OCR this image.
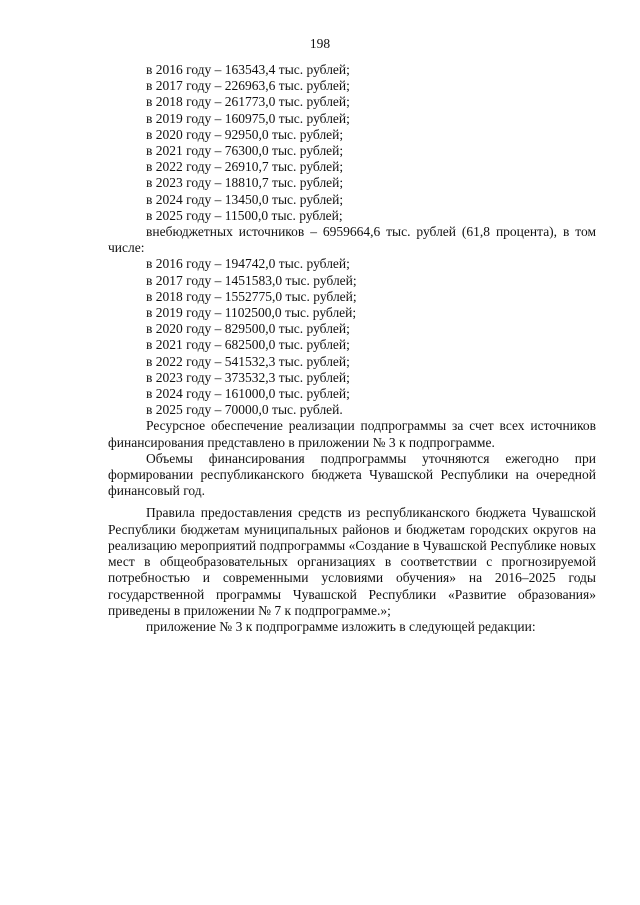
198
в 2016 году – 163543,4 тыс. рублей;
в 2017 году – 226963,6 тыс. рублей;
в 2018 году – 261773,0 тыс. рублей;
в 2019 году – 160975,0 тыс. рублей;
в 2020 году – 92950,0 тыс. рублей;
в 2021 году – 76300,0 тыс. рублей;
в 2022 году – 26910,7 тыс. рублей;
в 2023 году – 18810,7 тыс. рублей;
в 2024 году – 13450,0 тыс. рублей;
в 2025 году – 11500,0 тыс. рублей;

внебюджетных источников – 6959664,6 тыс. рублей (61,8 процента), в том числе:

в 2016 году – 194742,0 тыс. рублей;
в 2017 году – 1451583,0 тыс. рублей;
в 2018 году – 1552775,0 тыс. рублей;
в 2019 году – 1102500,0 тыс. рублей;
в 2020 году – 829500,0 тыс. рублей;
в 2021 году – 682500,0 тыс. рублей;
в 2022 году – 541532,3 тыс. рублей;
в 2023 году – 373532,3 тыс. рублей;
в 2024 году – 161000,0 тыс. рублей;
в 2025 году – 70000,0 тыс. рублей.

Ресурсное обеспечение реализации подпрограммы за счет всех источников финансирования представлено в приложении № 3 к подпрограмме.

Объемы финансирования подпрограммы уточняются ежегодно при формировании республиканского бюджета Чувашской Республики на очередной финансовый год.

Правила предоставления средств из республиканского бюджета Чувашской Республики бюджетам муниципальных районов и бюджетам городских округов на реализацию мероприятий подпрограммы «Создание в Чувашской Республике новых мест в общеобразовательных организациях в соответствии с прогнозируемой потребностью и современными условиями обучения» на 2016–2025 годы государственной программы Чувашской Республики «Развитие образования» приведены в приложении № 7 к подпрограмме.»;

приложение № 3 к подпрограмме изложить в следующей редакции:
